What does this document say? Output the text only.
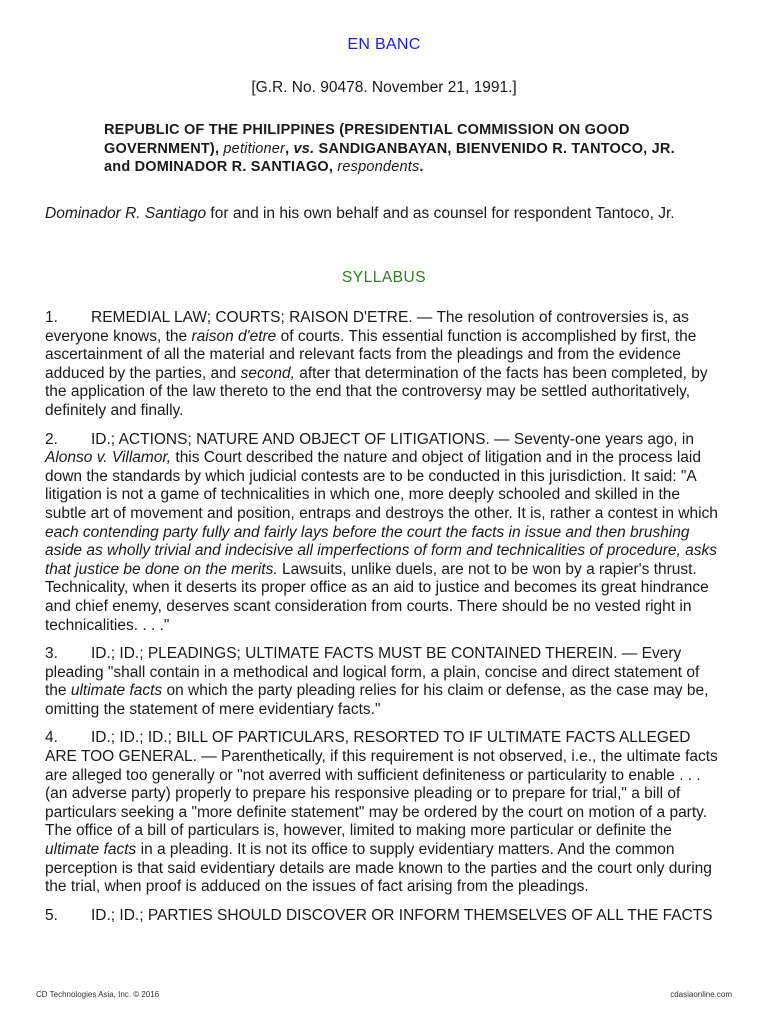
EN BANC
[G.R. No. 90478. November 21, 1991.]
REPUBLIC OF THE PHILIPPINES (PRESIDENTIAL COMMISSION ON GOOD GOVERNMENT), petitioner, vs. SANDIGANBAYAN, BIENVENIDO R. TANTOCO, JR. and DOMINADOR R. SANTIAGO, respondents.
Dominador R. Santiago for and in his own behalf and as counsel for respondent Tantoco, Jr.
SYLLABUS
1. REMEDIAL LAW; COURTS; RAISON D'ETRE. — The resolution of controversies is, as everyone knows, the raison d'etre of courts. This essential function is accomplished by first, the ascertainment of all the material and relevant facts from the pleadings and from the evidence adduced by the parties, and second, after that determination of the facts has been completed, by the application of the law thereto to the end that the controversy may be settled authoritatively, definitely and finally.
2. ID.; ACTIONS; NATURE AND OBJECT OF LITIGATIONS. — Seventy-one years ago, in Alonso v. Villamor, this Court described the nature and object of litigation and in the process laid down the standards by which judicial contests are to be conducted in this jurisdiction. It said: "A litigation is not a game of technicalities in which one, more deeply schooled and skilled in the subtle art of movement and position, entraps and destroys the other. It is, rather a contest in which each contending party fully and fairly lays before the court the facts in issue and then brushing aside as wholly trivial and indecisive all imperfections of form and technicalities of procedure, asks that justice be done on the merits. Lawsuits, unlike duels, are not to be won by a rapier's thrust. Technicality, when it deserts its proper office as an aid to justice and becomes its great hindrance and chief enemy, deserves scant consideration from courts. There should be no vested right in technicalities. . . ."
3. ID.; ID.; PLEADINGS; ULTIMATE FACTS MUST BE CONTAINED THEREIN. — Every pleading "shall contain in a methodical and logical form, a plain, concise and direct statement of the ultimate facts on which the party pleading relies for his claim or defense, as the case may be, omitting the statement of mere evidentiary facts."
4. ID.; ID.; ID.; BILL OF PARTICULARS, RESORTED TO IF ULTIMATE FACTS ALLEGED ARE TOO GENERAL. — Parenthetically, if this requirement is not observed, i.e., the ultimate facts are alleged too generally or "not averred with sufficient definiteness or particularity to enable . . . (an adverse party) properly to prepare his responsive pleading or to prepare for trial," a bill of particulars seeking a "more definite statement" may be ordered by the court on motion of a party. The office of a bill of particulars is, however, limited to making more particular or definite the ultimate facts in a pleading. It is not its office to supply evidentiary matters. And the common perception is that said evidentiary details are made known to the parties and the court only during the trial, when proof is adduced on the issues of fact arising from the pleadings.
5. ID.; ID.; PARTIES SHOULD DISCOVER OR INFORM THEMSELVES OF ALL THE FACTS
CD Technologies Asia, Inc. © 2016	cdasiaonline.com
